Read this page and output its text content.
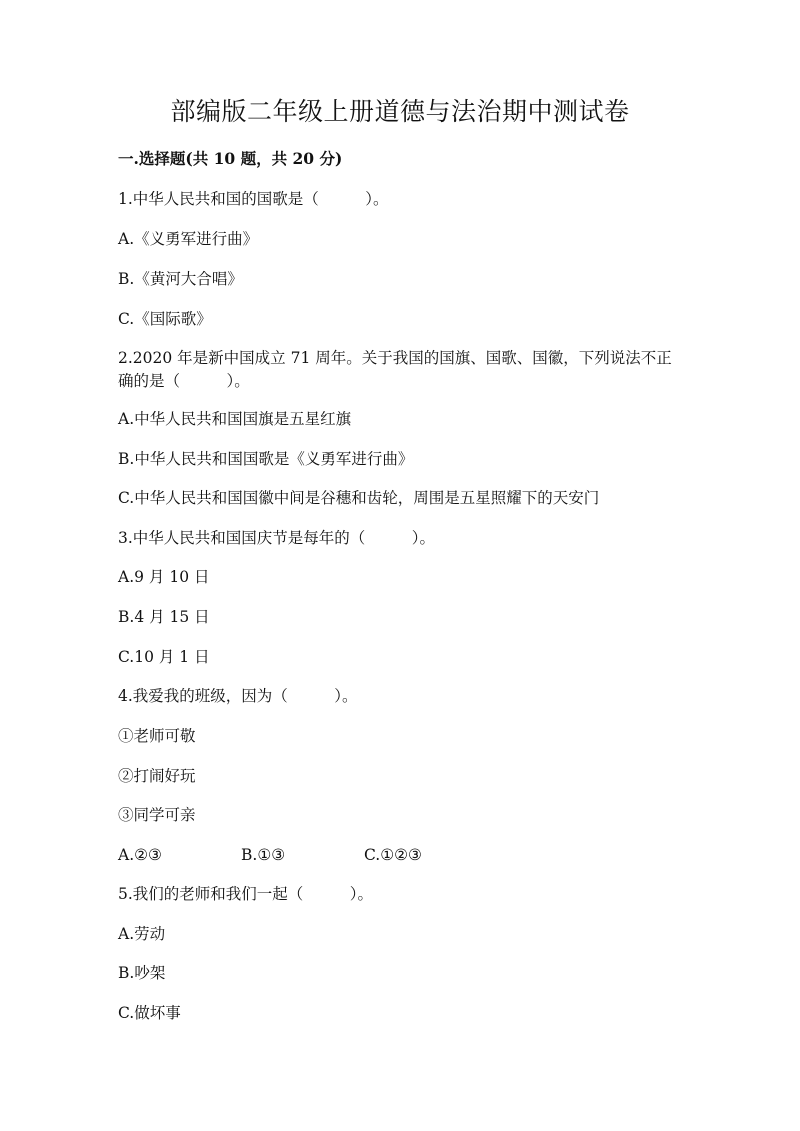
部编版二年级上册道德与法治期中测试卷
一.选择题(共 10 题，共 20 分)
1.中华人民共和国的国歌是（　　　）。
A.《义勇军进行曲》
B.《黄河大合唱》
C.《国际歌》
2.2020 年是新中国成立 71 周年。关于我国的国旗、国歌、国徽，下列说法不正确的是（　　　）。
A.中华人民共和国国旗是五星红旗
B.中华人民共和国国歌是《义勇军进行曲》
C.中华人民共和国国徽中间是谷穗和齿轮，周围是五星照耀下的天安门
3.中华人民共和国国庆节是每年的（　　　）。
A.9 月 10 日
B.4 月 15 日
C.10 月 1 日
4.我爱我的班级，因为（　　　）。
①老师可敬
②打闹好玩
③同学可亲
A.②③	B.①③	C.①②③
5.我们的老师和我们一起（　　　）。
A.劳动
B.吵架
C.做坏事
